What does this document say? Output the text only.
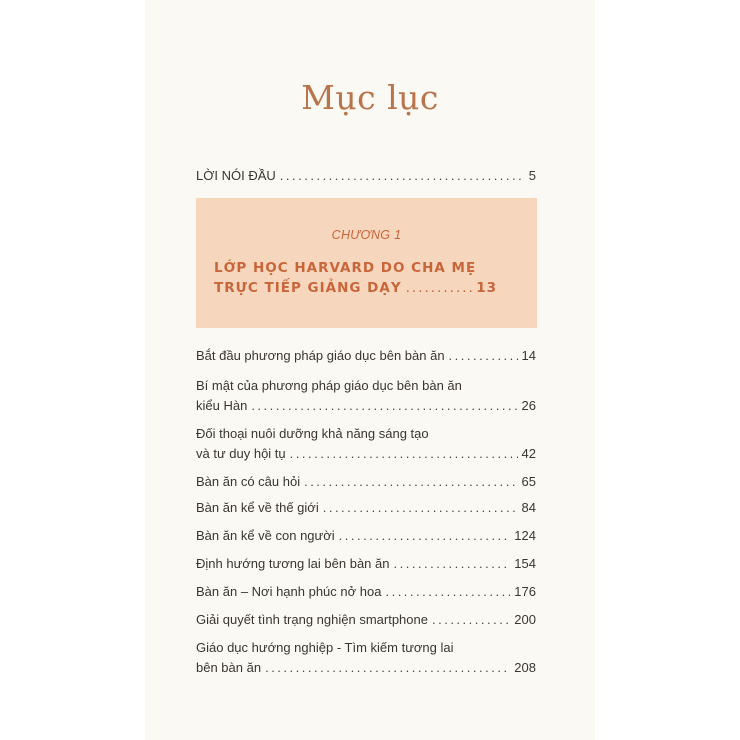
Mục lục
LỜI NÓI ĐẦU .....	5
CHƯƠNG 1
LỚP HỌC HARVARD DO CHA MẸ
TRỰC TIẾP GIẢNG DẠY .....	13
Bắt đầu phương pháp giáo dục bên bàn ăn .....	14
Bí mật của phương pháp giáo dục bên bàn ăn
kiểu Hàn .....	26
Đối thoại nuôi dưỡng khả năng sáng tạo
và tư duy hội tụ .....	42
Bàn ăn có câu hỏi .....	65
Bàn ăn kể về thế giới .....	84
Bàn ăn kể về con người .....	124
Định hướng tương lai bên bàn ăn .....	154
Bàn ăn – Nơi hạnh phúc nở hoa .....	176
Giải quyết tình trạng nghiện smartphone .....	200
Giáo dục hướng nghiệp - Tìm kiếm tương lai
bên bàn ăn .....	208
